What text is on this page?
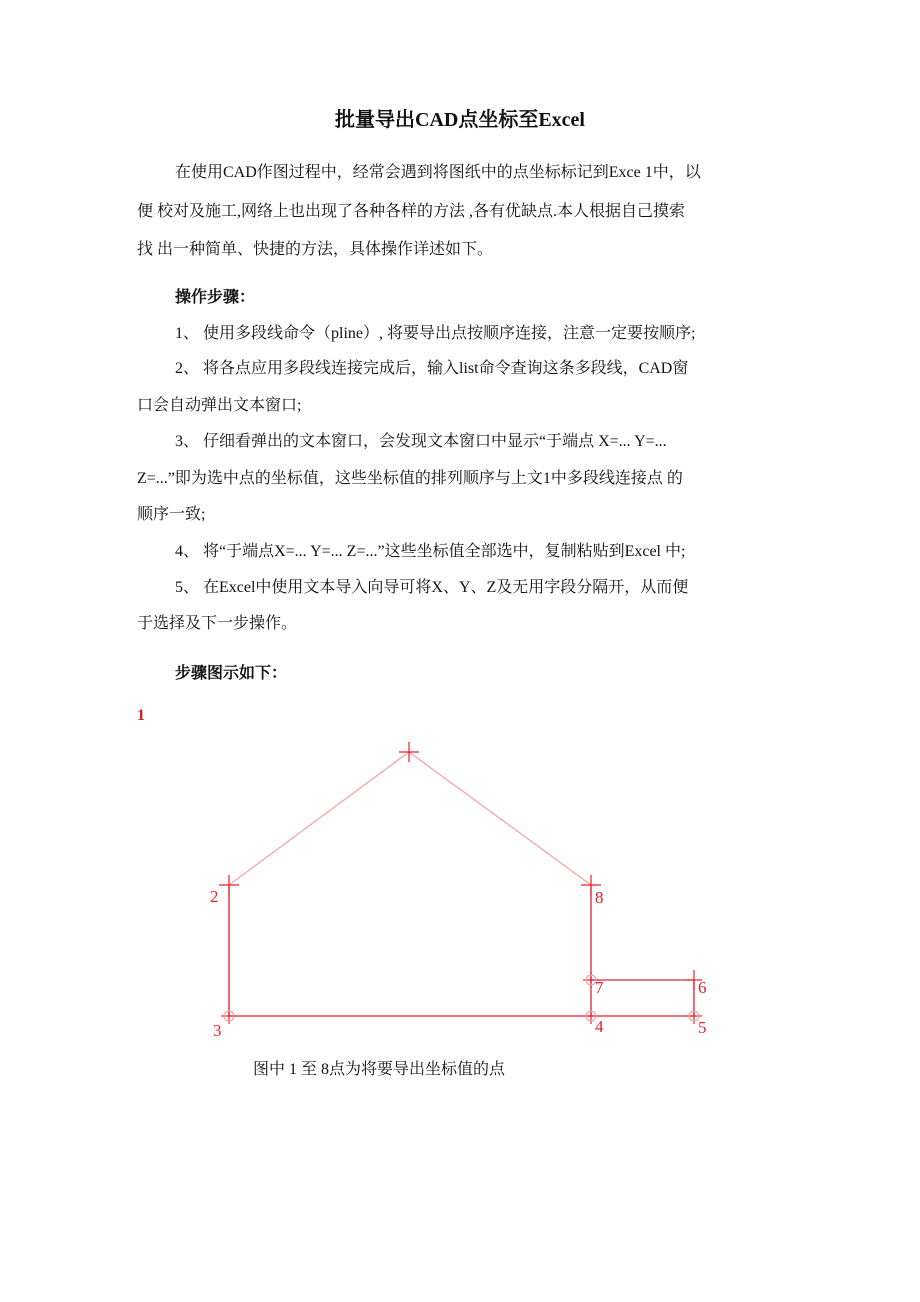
批量导出CAD点坐标至Excel

在使用CAD作图过程中，经常会遇到将图纸中的点坐标标记到Exce 1中，以

便 校对及施工,网络上也出现了各种各样的方法 ,各有优缺点.本人根据自己摸索

找 出一种简单、快捷的方法，具体操作详述如下。

操作步骤：

1、 使用多段线命令（pline）, 将要导出点按顺序连接，注意一定要按顺序;

2、 将各点应用多段线连接完成后，输入list命令查询这条多段线，CAD窗

口会自动弹出文本窗口;

3、 仔细看弹出的文本窗口，会发现文本窗口中显示“于端点 X=... Y=...

Z=...”即为选中点的坐标值，这些坐标值的排列顺序与上文1中多段线连接点 的

顺序一致;

4、 将“于端点X=... Y=... Z=...”这些坐标值全部选中，复制粘贴到Excel 中;

5、 在Excel中使用文本导入向导可将X、Y、Z及无用字段分隔开，从而便

于选择及下一步操作。

步骤图示如下：

1
2	8
7	6
3	4	5

图中 1 至 8点为将要导出坐标值的点
